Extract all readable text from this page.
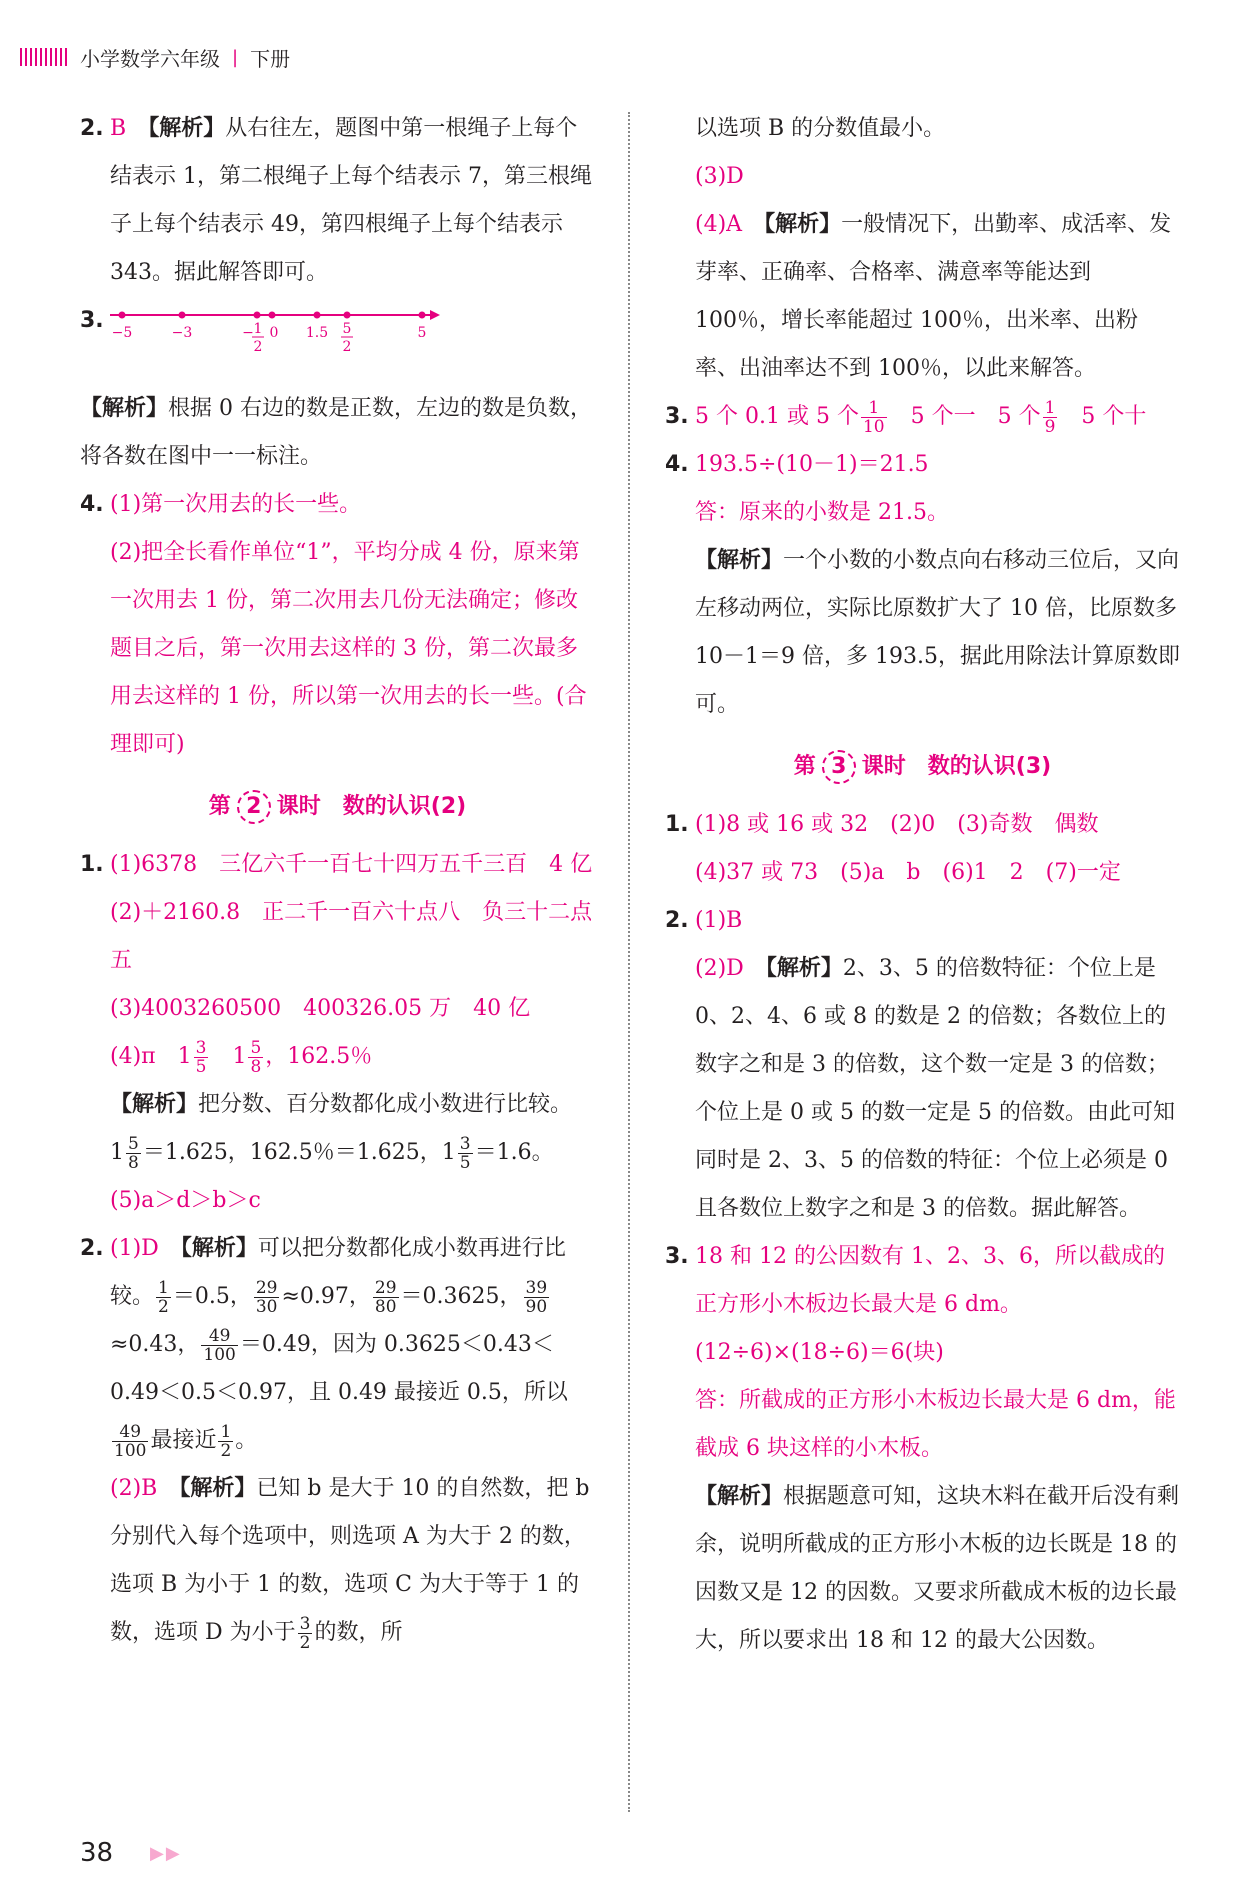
小学数学六年级 | 下册
2. B　 【解析】从右往左，题图中第一根绳子上每个结表示 1，第二根绳子上每个结表示 7，第三根绳子上每个结表示 49，第四根绳子上每个结表示 343。据此解答即可。

3. −5	−3	− 1
2
0 1.5 5
2
5

【解析】根据 0 右边的数是正数，左边的数是负数，将各数在图中一一标注。

4. (1)第一次用去的长一些。

(2)把全长看作单位“1”，平均分成 4 份，原来第一次用去 1 份，第二次用去几份无法确定；修改题目之后，第一次用去这样的 3 份，第二次最多用去这样的 1 份，所以第一次用去的长一些。(合理即可)

第 2 课时　数的认识(2)
1. (1)6378　三亿六千一百七十四万五千三百　4 亿

(2)＋2160.8　正二千一百六十点八　负三十二点五

(3)4003260500　400326.05 万　40 亿

(4)π　$1 \frac{3}{5}$ 　$1 \frac{5}{8}$ ，162.5％

【解析】把分数、百分数都化成小数进行比较。

$1 \frac{5}{8} =1.625$，162.5％＝1.625，$1 \frac{3}{5} =1.6$。

(5)a＞d＞b＞c

2. (1)D　 【解析】可以把分数都化成小数再进行比较。 $\frac{1}{2} =0.5$， $\frac{29}{30} \approx 0.97$， $\frac{29}{80} =0.3625$， $\frac{39}{90}$
≈0.43， $\frac{49}{100} =0.49$，因为 0.3625＜0.43＜0.49＜0.5＜0.97，且 0.49 最接近 0.5，所以
$\frac{49}{100}$ 最接近 $\frac{1}{2}$ 。

(2)B　 【解析】已知 b 是大于 10 的自然数，把 b 分别代入每个选项中，则选项 A 为大于 2 的数，选项 B 为小于 1 的数，选项 C 为大于等于 1 的数，选项 D 为小于 $\frac{3}{2}$ 的数，所

以选项 B 的分数值最小。

(3)D

(4)A　 【解析】一般情况下，出勤率、成活率、发芽率、正确率、合格率、满意率等能达到 100％，增长率能超过 100％，出米率、出粉率、出油率达不到 100％，以此来解答。

3. 5 个 0.1 或 5 个 $\frac{1}{10}$ 　5 个一　5 个 $\frac{1}{9}$ 　5 个十

4. 193.5÷(10－1)＝21.5

答：原来的小数是 21.5。

【解析】一个小数的小数点向右移动三位后，又向左移动两位，实际比原数扩大了 10 倍，比原数多 10－1＝9 倍，多 193.5，据此用除法计算原数即可。

第 3 课时　数的认识(3)
1. (1)8 或 16 或 32　(2)0　(3)奇数　偶数

(4)37 或 73　(5)a　b　(6)1　2　(7)一定

2. (1)B

(2)D　 【解析】2、3、5 的倍数特征：个位上是 0、2、4、6 或 8 的数是 2 的倍数；各数位上的数字之和是 3 的倍数，这个数一定是 3 的倍数；个位上是 0 或 5 的数一定是 5 的倍数。由此可知同时是 2、3、5 的倍数的特征：个位上必须是 0 且各数位上数字之和是 3 的倍数。据此解答。

3. 18 和 12 的公因数有 1、2、3、6，所以截成的正方形小木板边长最大是 6 dm。

(12÷6)×(18÷6)＝6(块)

答：所截成的正方形小木板边长最大是 6 dm，能截成 6 块这样的小木板。

【解析】根据题意可知，这块木料在截开后没有剩余，说明所截成的正方形小木板的边长既是 18 的因数又是 12 的因数。又要求所截成木板的边长最大，所以要求出 18 和 12 的最大公因数。

38 ▶▶
